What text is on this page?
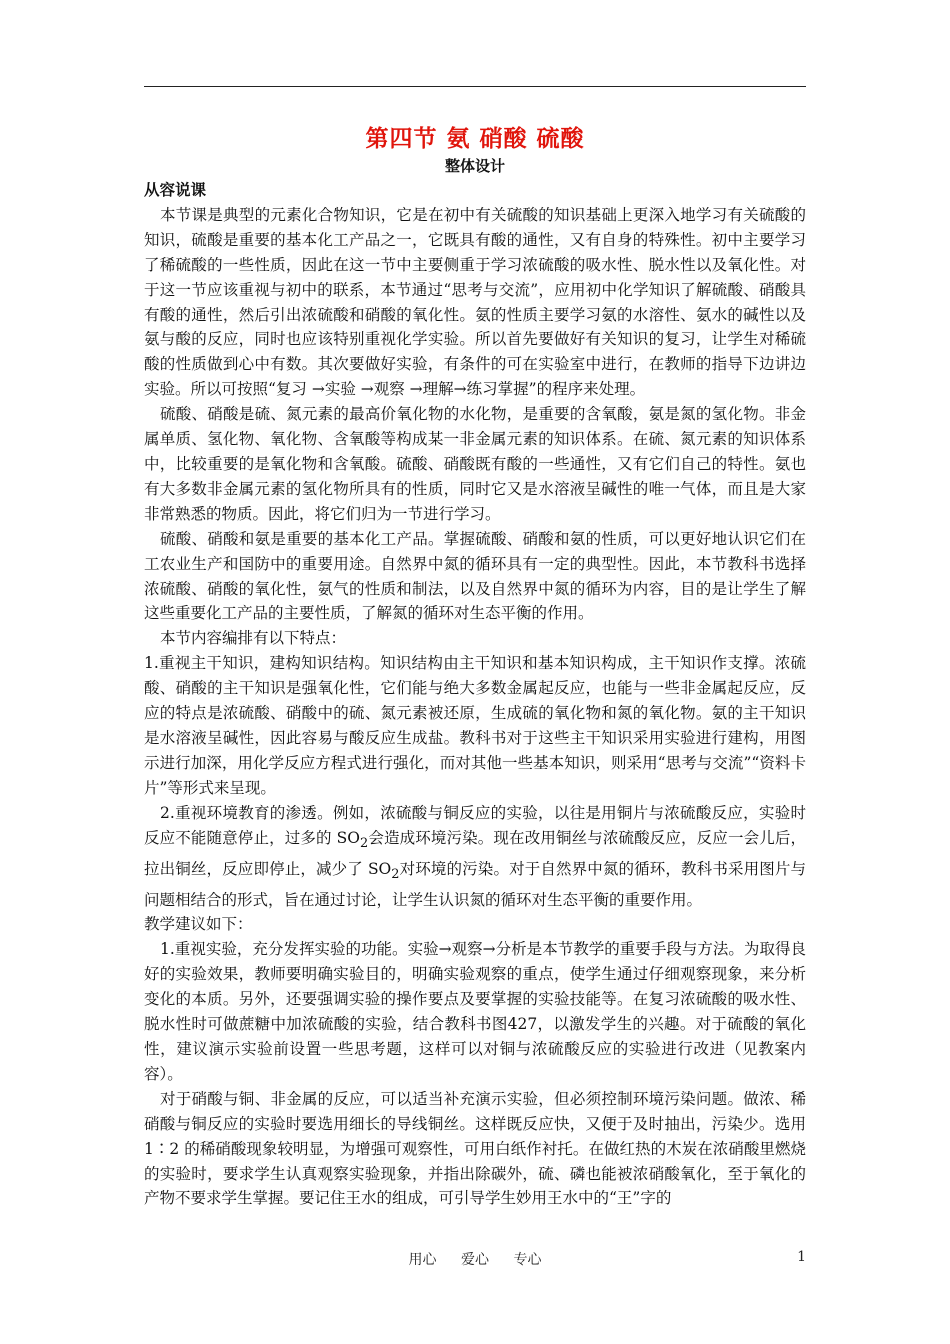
第四节 氨 硝酸 硫酸
整体设计
从容说课

本节课是典型的元素化合物知识，它是在初中有关硫酸的知识基础上更深入地学习有关硫酸的知识，硫酸是重要的基本化工产品之一，它既具有酸的通性，又有自身的特殊性。初中主要学习了稀硫酸的一些性质，因此在这一节中主要侧重于学习浓硫酸的吸水性、脱水性以及氧化性。对于这一节应该重视与初中的联系，本节通过“思考与交流”，应用初中化学知识了解硫酸、硝酸具有酸的通性，然后引出浓硫酸和硝酸的氧化性。氨的性质主要学习氨的水溶性、氨水的碱性以及氨与酸的反应，同时也应该特别重视化学实验。所以首先要做好有关知识的复习，让学生对稀硫酸的性质做到心中有数。其次要做好实验，有条件的可在实验室中进行，在教师的指导下边讲边实验。所以可按照“复习 →实验 →观察 →理解→练习掌握”的程序来处理。

硫酸、硝酸是硫、氮元素的最高价氧化物的水化物，是重要的含氧酸，氨是氮的氢化物。非金属单质、氢化物、氧化物、含氧酸等构成某一非金属元素的知识体系。在硫、氮元素的知识体系中，比较重要的是氧化物和含氧酸。硫酸、硝酸既有酸的一些通性，又有它们自己的特性。氨也有大多数非金属元素的氢化物所具有的性质，同时它又是水溶液呈碱性的唯一气体，而且是大家非常熟悉的物质。因此，将它们归为一节进行学习。

硫酸、硝酸和氨是重要的基本化工产品。掌握硫酸、硝酸和氨的性质，可以更好地认识它们在工农业生产和国防中的重要用途。自然界中氮的循环具有一定的典型性。因此，本节教科书选择浓硫酸、硝酸的氧化性，氨气的性质和制法，以及自然界中氮的循环为内容，目的是让学生了解这些重要化工产品的主要性质，了解氮的循环对生态平衡的作用。

本节内容编排有以下特点：

1.重视主干知识，建构知识结构。知识结构由主干知识和基本知识构成，主干知识作支撑。浓硫酸、硝酸的主干知识是强氧化性，它们能与绝大多数金属起反应，也能与一些非金属起反应，反应的特点是浓硫酸、硝酸中的硫、氮元素被还原，生成硫的氧化物和氮的氧化物。氨的主干知识是水溶液呈碱性，因此容易与酸反应生成盐。教科书对于这些主干知识采用实验进行建构，用图示进行加深，用化学反应方程式进行强化，而对其他一些基本知识，则采用“思考与交流”“资料卡片”等形式来呈现。

2.重视环境教育的渗透。例如，浓硫酸与铜反应的实验，以往是用铜片与浓硫酸反应，实验时反应不能随意停止，过多的 $SO_2$会造成环境污染。现在改用铜丝与浓硫酸反应，反应一会儿后，拉出铜丝，反应即停止，减少了 $SO_2$对环境的污染。对于自然界中氮的循环，教科书采用图片与问题相结合的形式，旨在通过讨论，让学生认识氮的循环对生态平衡的重要作用。

教学建议如下：

1.重视实验，充分发挥实验的功能。实验→观察→分析是本节教学的重要手段与方法。为取得良好的实验效果，教师要明确实验目的，明确实验观察的重点，使学生通过仔细观察现象，来分析变化的本质。另外，还要强调实验的操作要点及要掌握的实验技能等。在复习浓硫酸的吸水性、脱水性时可做蔗糖中加浓硫酸的实验，结合教科书图427，以激发学生的兴趣。对于硫酸的氧化性，建议演示实验前设置一些思考题，这样可以对铜与浓硫酸反应的实验进行改进（见教案内容）。

对于硝酸与铜、非金属的反应，可以适当补充演示实验，但必须控制环境污染问题。做浓、稀硝酸与铜反应的实验时要选用细长的导线铜丝。这样既反应快，又便于及时抽出，污染少。选用 1∶2 的稀硝酸现象较明显，为增强可观察性，可用白纸作衬托。在做红热的木炭在浓硝酸里燃烧的实验时，要求学生认真观察实验现象，并指出除碳外，硫、磷也能被浓硝酸氧化，至于氧化的产物不要求学生掌握。要记住王水的组成，可引导学生妙用王水中的“王”字的

用心 爱心 专心	1
